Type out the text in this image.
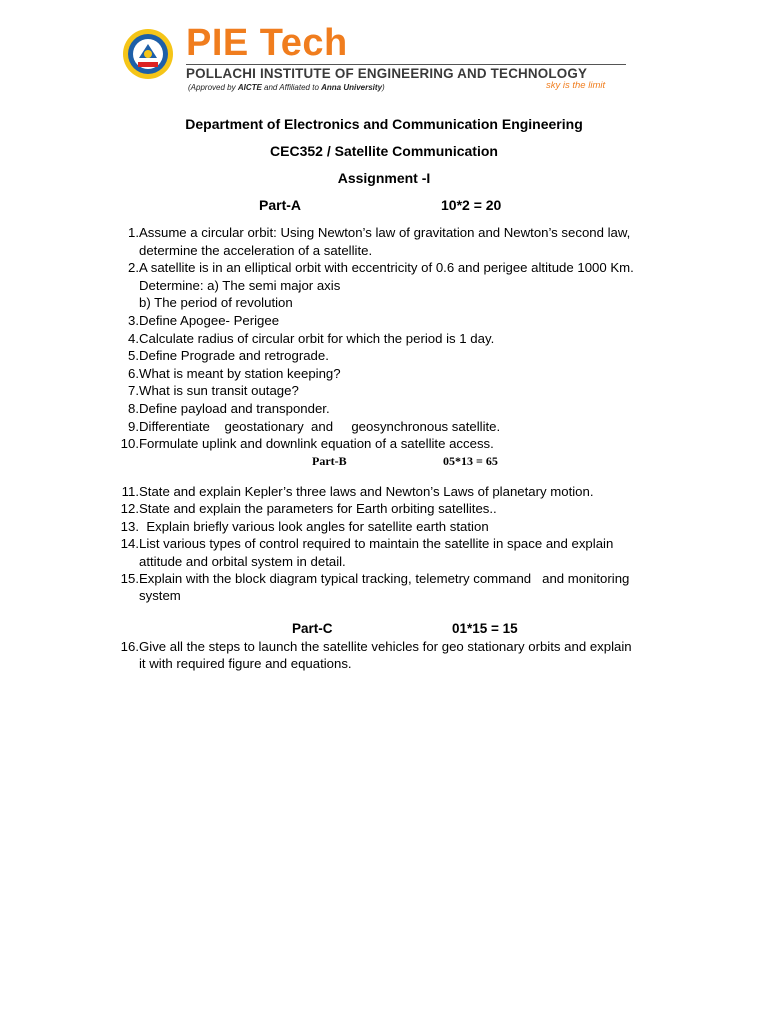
PIE Tech
POLLACHI INSTITUTE OF ENGINEERING AND TECHNOLOGY
(Approved by AICTE and Affiliated to Anna University)	sky is the limit
Department of Electronics and Communication Engineering
CEC352 / Satellite Communication
Assignment -I
Part-A	10*2 = 20
1. Assume a circular orbit: Using Newton’s law of gravitation and Newton’s second law,
determine the acceleration of a satellite.
2. A satellite is in an elliptical orbit with eccentricity of 0.6 and perigee altitude 1000 Km.
Determine: a) The semi major axis
b) The period of revolution
3. Define Apogee- Perigee
4. Calculate radius of circular orbit for which the period is 1 day.
5. Define Prograde and retrograde.
6. What is meant by station keeping?
7. What is sun transit outage?
8. Define payload and transponder.
9. Differentiate    geostationary  and     geosynchronous satellite.
10. Formulate uplink and downlink equation of a satellite access.
Part-B	05*13 = 65
11. State and explain Kepler’s three laws and Newton’s Laws of planetary motion.
12. State and explain the parameters for Earth orbiting satellites..
13. Explain briefly various look angles for satellite earth station
14. List various types of control required to maintain the satellite in space and explain
attitude and orbital system in detail.
15. Explain with the block diagram typical tracking, telemetry command   and monitoring
system
Part-C	01*15 = 15
16. Give all the steps to launch the satellite vehicles for geo stationary orbits and explain
it with required figure and equations.
